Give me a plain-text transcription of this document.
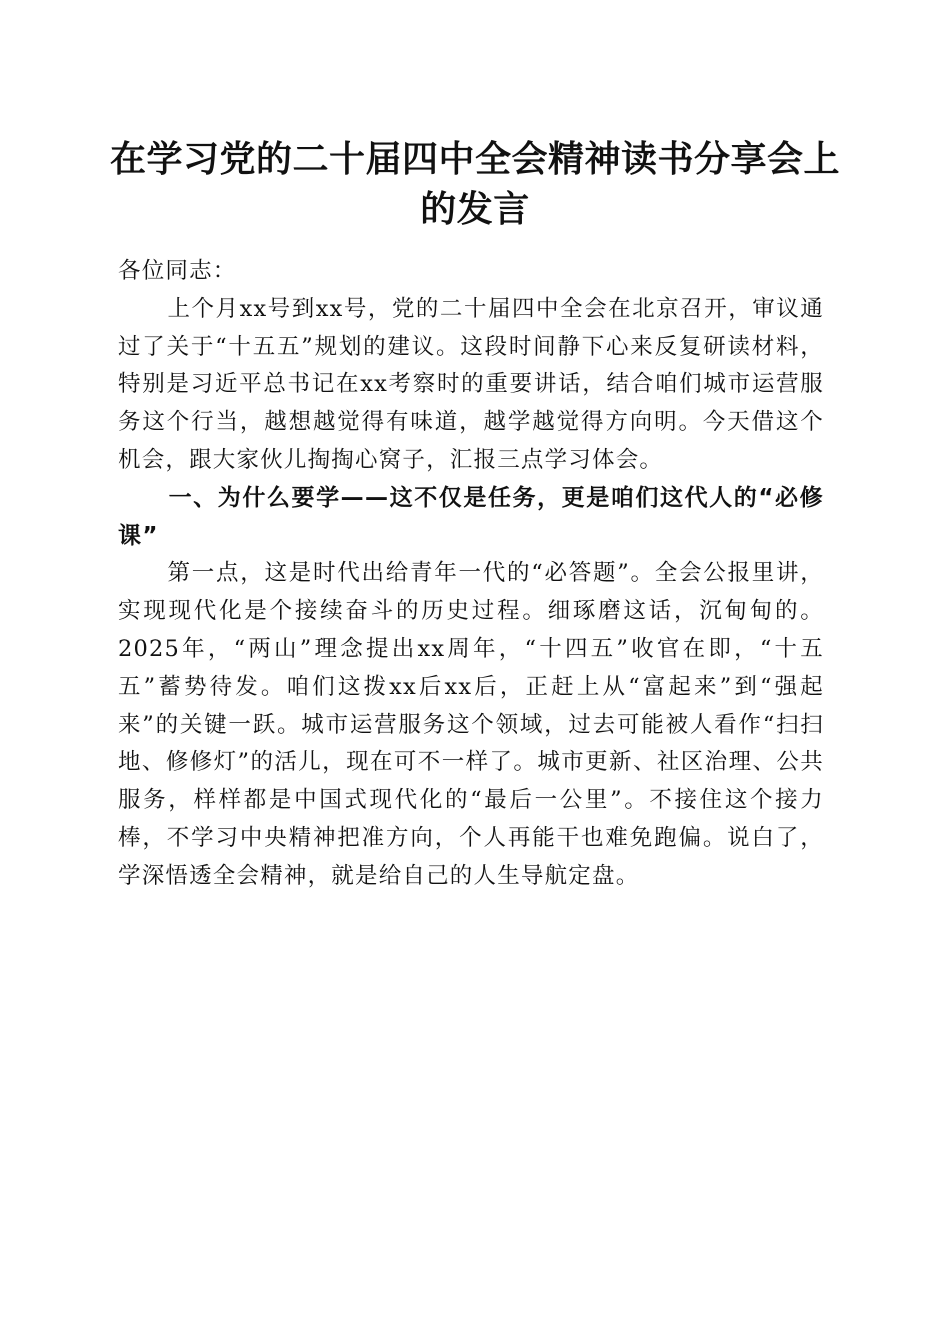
在学习党的二十届四中全会精神读书分享会上的发言

各位同志：

上个月xx号到xx号，党的二十届四中全会在北京召开，审议通过了关于“十五五”规划的建议。这段时间静下心来反复研读材料，特别是习近平总书记在xx考察时的重要讲话，结合咱们城市运营服务这个行当，越想越觉得有味道，越学越觉得方向明。今天借这个机会，跟大家伙儿掏掏心窝子，汇报三点学习体会。

一、为什么要学——这不仅是任务，更是咱们这代人的“必修课”

第一点，这是时代出给青年一代的“必答题”。全会公报里讲，实现现代化是个接续奋斗的历史过程。细琢磨这话，沉甸甸的。2025年，“两山”理念提出xx周年，“十四五”收官在即，“十五五”蓄势待发。咱们这拨xx后xx后，正赶上从“富起来”到“强起来”的关键一跃。城市运营服务这个领域，过去可能被人看作“扫扫地、修修灯”的活儿，现在可不一样了。城市更新、社区治理、公共服务，样样都是中国式现代化的“最后一公里”。不接住这个接力棒，不学习中央精神把准方向，个人再能干也难免跑偏。说白了，学深悟透全会精神，就是给自己的人生导航定盘。
